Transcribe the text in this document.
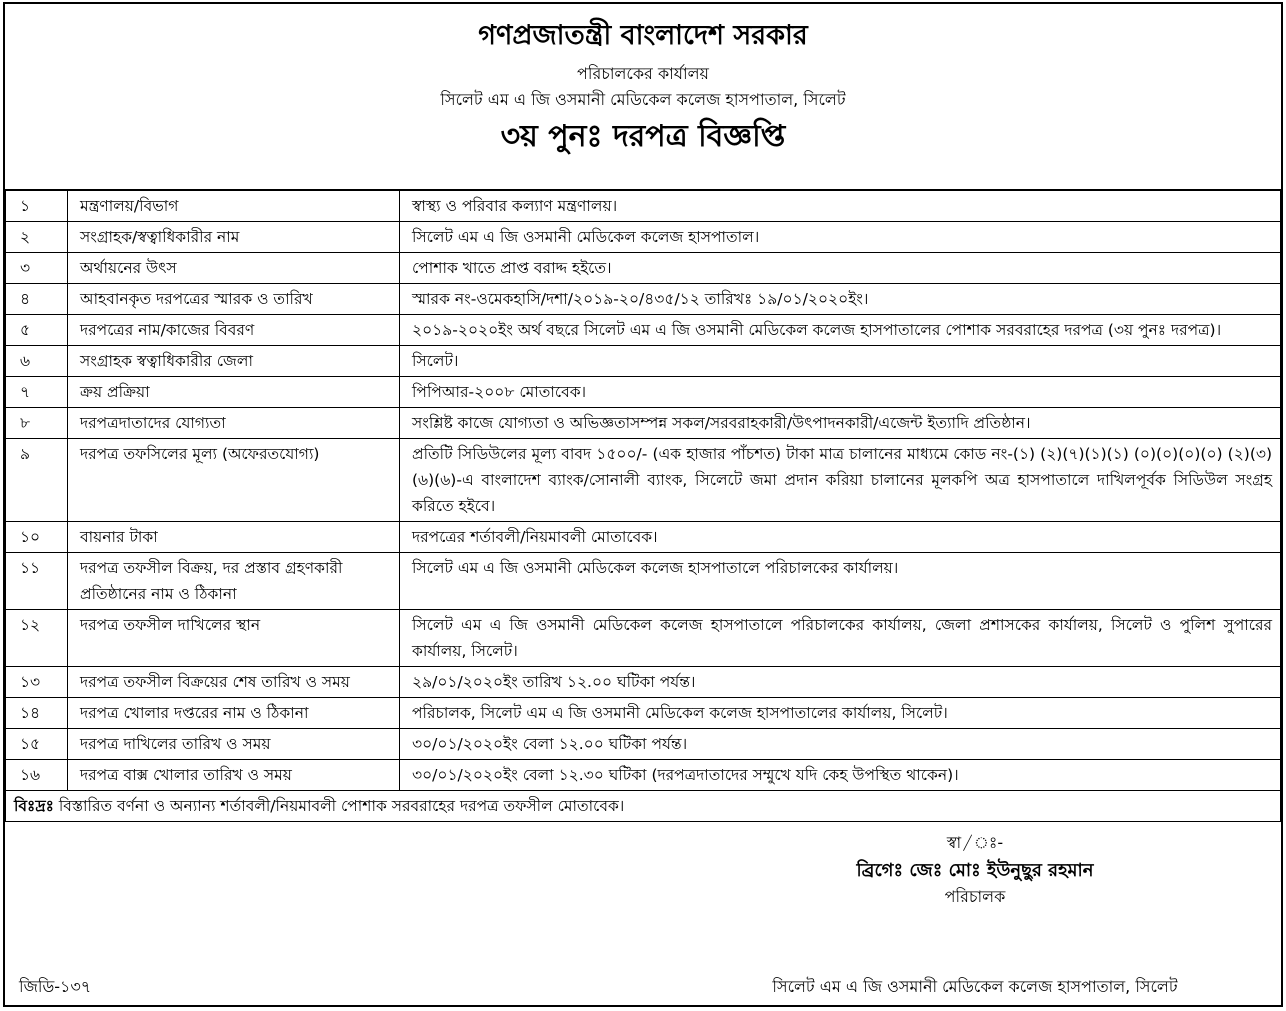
গণপ্রজাতন্ত্রী বাংলাদেশ সরকার
পরিচালকের কার্যালয়
সিলেট এম এ জি ওসমানী মেডিকেল কলেজ হাসপাতাল, সিলেট
৩য় পুনঃ দরপত্র বিজ্ঞপ্তি
১	মন্ত্রণালয়/বিভাগ	স্বাস্থ্য ও পরিবার কল্যাণ মন্ত্রণালয়।
২	সংগ্রাহক/স্বত্বাধিকারীর নাম	সিলেট এম এ জি ওসমানী মেডিকেল কলেজ হাসপাতাল।
৩	অর্থায়নের উৎস	পোশাক খাতে প্রাপ্ত বরাদ্দ হইতে।
৪	আহবানকৃত দরপত্রের স্মারক ও তারিখ	স্মারক নং-ওমেকহাসি/দশা/২০১৯-২০/৪৩৫/১২ তারিখঃ ১৯/০১/২০২০ইং।
৫	দরপত্রের নাম/কাজের বিবরণ	২০১৯-২০২০ইং অর্থ বছরে সিলেট এম এ জি ওসমানী মেডিকেল কলেজ হাসপাতালের পোশাক সরবরাহের দরপত্র (৩য় পুনঃ দরপত্র)।
৬	সংগ্রাহক স্বত্বাধিকারীর জেলা	সিলেট।
৭	ক্রয় প্রক্রিয়া	পিপিআর-২০০৮ মোতাবেক।
৮	দরপত্রদাতাদের যোগ্যতা	সংশ্লিষ্ট কাজে যোগ্যতা ও অভিজ্ঞতাসম্পন্ন সকল/সরবরাহকারী/উৎপাদনকারী/এজেন্ট ইত্যাদি প্রতিষ্ঠান।
৯	দরপত্র তফসিলের মূল্য (অফেরতযোগ্য)	প্রতিটি সিডিউলের মূল্য বাবদ ১৫০০/- (এক হাজার পাঁচশত) টাকা মাত্র চালানের মাধ্যমে কোড নং-(১) (২)(৭)(১)(১) (০)(০)(০)(০) (২)(৩)(৬)(৬)-এ বাংলাদেশ ব্যাংক/সোনালী ব্যাংক, সিলেটে জমা প্রদান করিয়া চালানের মূলকপি অত্র হাসপাতালে দাখিলপূর্বক সিডিউল সংগ্রহ করিতে হইবে।
১০	বায়নার টাকা	দরপত্রের শর্তাবলী/নিয়মাবলী মোতাবেক।
১১	দরপত্র তফসীল বিক্রয়, দর প্রস্তাব গ্রহণকারী প্রতিষ্ঠানের নাম ও ঠিকানা	সিলেট এম এ জি ওসমানী মেডিকেল কলেজ হাসপাতালে পরিচালকের কার্যালয়।
১২	দরপত্র তফসীল দাখিলের স্থান	সিলেট এম এ জি ওসমানী মেডিকেল কলেজ হাসপাতালে পরিচালকের কার্যালয়, জেলা প্রশাসকের কার্যালয়, সিলেট ও পুলিশ সুপারের কার্যালয়, সিলেট।
১৩	দরপত্র তফসীল বিক্রয়ের শেষ তারিখ ও সময়	২৯/০১/২০২০ইং তারিখ ১২.০০ ঘটিকা পর্যন্ত।
১৪	দরপত্র খোলার দপ্তরের নাম ও ঠিকানা	পরিচালক, সিলেট এম এ জি ওসমানী মেডিকেল কলেজ হাসপাতালের কার্যালয়, সিলেট।
১৫	দরপত্র দাখিলের তারিখ ও সময়	৩০/০১/২০২০ইং বেলা ১২.০০ ঘটিকা পর্যন্ত।
১৬	দরপত্র বাক্স খোলার তারিখ ও সময়	৩০/০১/২০২০ইং বেলা ১২.৩০ ঘটিকা (দরপত্রদাতাদের সম্মুখে যদি কেহ উপস্থিত থাকেন)।
বিঃদ্রঃ বিস্তারিত বর্ণনা ও অন্যান্য শর্তাবলী/নিয়মাবলী পোশাক সরবরাহের দরপত্র তফসীল মোতাবেক।		
স্বা/ঃ-
ব্রিগেঃ জেঃ মোঃ ইউনুছুর রহমান
পরিচালক
জিডি-১৩৭	সিলেট এম এ জি ওসমানী মেডিকেল কলেজ হাসপাতাল, সিলেট
